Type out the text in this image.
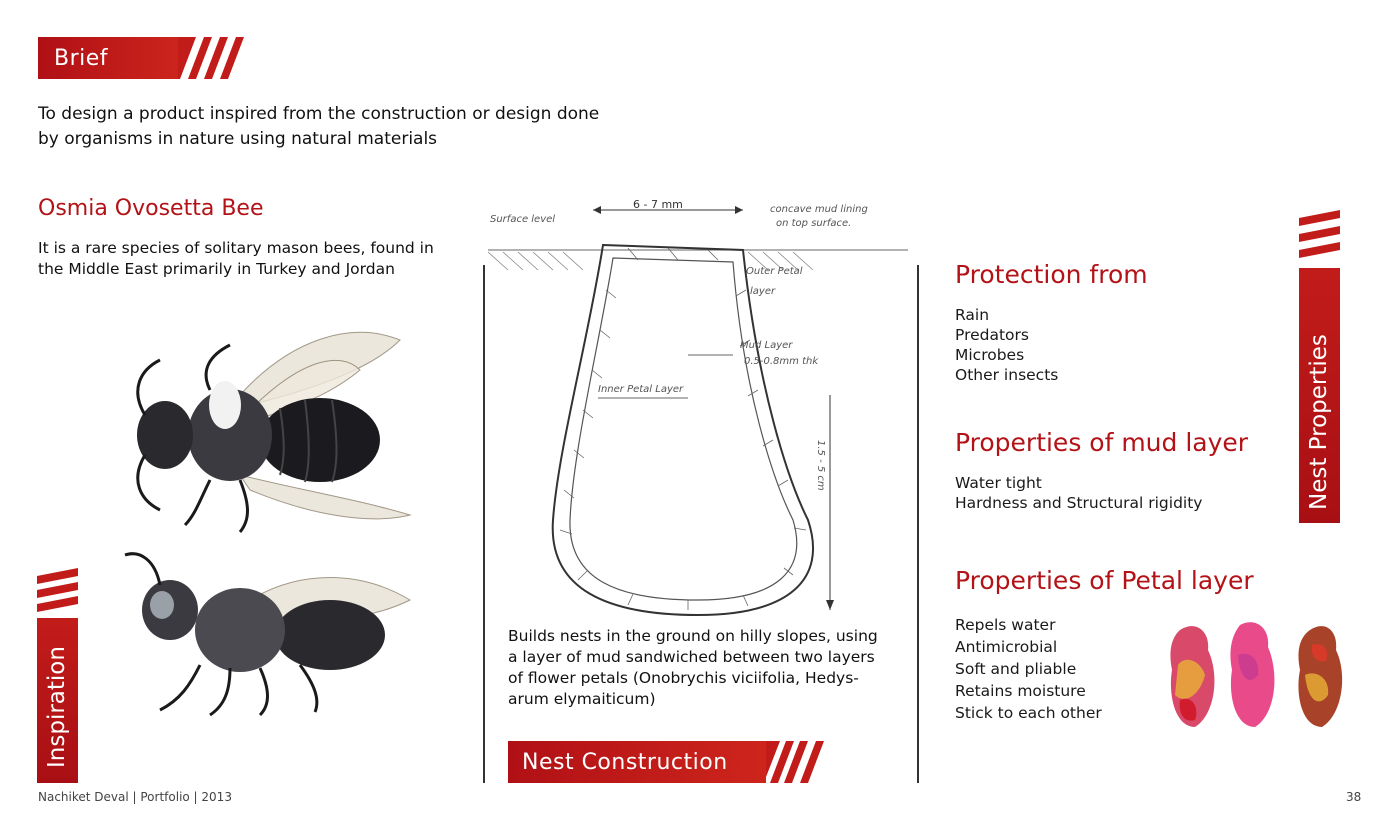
Brief
To design a product inspired from the construction or design done
by organisms in nature using natural materials
Osmia Ovosetta Bee
It is a rare species of solitary mason bees, found in
the Middle East primarily in Turkey and Jordan
Inspiration
6 - 7 mm
Surface level
concave mud lining
on top surface.
Outer Petal
layer
Mud Layer
0.5-0.8mm thk
Inner Petal Layer
1.5 - 5 cm
Builds nests in the ground on hilly slopes, using
a layer of mud sandwiched between two layers
of flower petals (Onobrychis viciifolia, Hedys-
arum elymaiticum)
Nest Construction
Protection from
Rain
Predators
Microbes
Other insects
Properties of mud layer
Water tight
Hardness and Structural rigidity
Properties of Petal layer
Repels water
Antimicrobial
Soft and pliable
Retains moisture
Stick to each other
Nest Properties
Nachiket Deval | Portfolio | 2013	38
